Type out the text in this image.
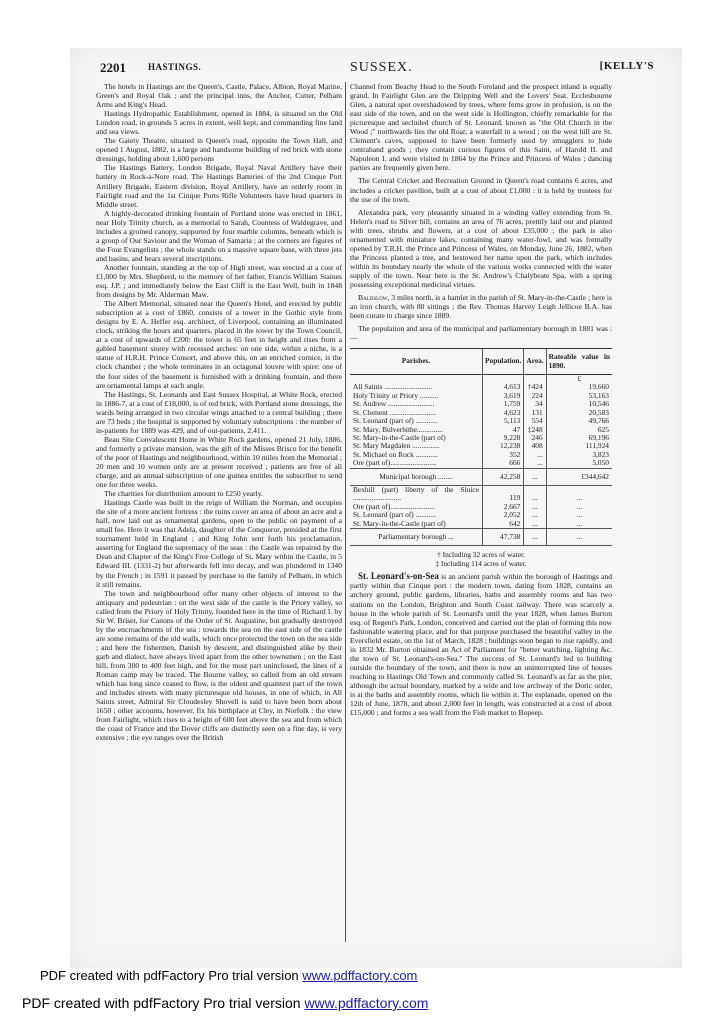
2201 HASTINGS.	SUSSEX.	[KELLY'S

The hotels in Hastings are the Queen's, Castle, Palace, Albion, Royal Marine, Green's and Royal Oak ; and the principal inns, the Anchor, Cutter, Pelham Arms and King's Head.

Hastings Hydropathic Establishment, opened in 1884, is situated on the Old London road, in grounds 5 acres in extent, well kept, and commanding fine land and sea views.

The Gaiety Theatre, situated in Queen's road, opposite the Town Hall, and opened 1 August, 1882, is a large and handsome building of red brick with stone dressings, holding about 1,600 persons

The Hastings Battery, London Brigade, Royal Naval Artillery have their battery in Rock-a-Nore road. The Hastings Batteries of the 2nd Cinque Port Artillery Brigade, Eastern division, Royal Artillery, have an orderly room in Fairlight road and the 1st Cinque Ports Rifle Volunteers have head quarters in Middle street.

A highly-decorated drinking fountain of Portland stone was erected in 1861, near Holy Trinity church, as a memorial to Sarah, Countess of Waldegrave, and includes a groined canopy, supported by four marble columns, beneath which is a group of Our Saviour and the Woman of Samaria ; at the corners are figures of the Four Evangelists ; the whole stands on a massive square base, with three jets and basins, and bears several inscriptions.

Another fountain, standing at the top of High street, was erected at a cost of £1,000 by Mrs. Shepherd, to the memory of her father, Francis William Staines esq. J.P. ; and immediately below the East Cliff is the East Well, built in 1848 from designs by Mr. Alderman Maw.

The Albert Memorial, situated near the Queen's Hotel, and erected by public subscription at a cost of £860, consists of a tower in the Gothic style from designs by E. A. Heffer esq. architect, of Liverpool, containing an illuminated clock, striking the hours and quarters, placed in the tower by the Town Council, at a cost of upwards of £200: the tower is 65 feet in height and rises from a gabled basement storey with recessed arches: on one side, within a niche, is a statue of H.R.H. Prince Consort, and above this, on an enriched cornice, is the clock chamber ; the whole terminates in an octagonal louvre with spire: one of the four sides of the basement is furnished with a drinking fountain, and there are ornamental lamps at each angle.

The Hastings, St. Leonards and East Sussex Hospital, at White Rock, erected in 1886-7, at a cost of £18,000, is of red brick, with Portland stone dressings, the wards being arranged in two circular wings attached to a central building ; there are 73 beds ; the hospital is supported by voluntary subscriptions : the number of in-patients for 1889 was 429, and of out-patients, 2,411.

Beau Site Convalescent Home in White Rock gardens, opened 21 July, 1886, and formerly a private mansion, was the gift of the Misses Brisco for the benefit of the poor of Hastings and neighbourhood, within 10 miles from the Memorial ; 20 men and 10 women only are at present received ; patients are free of all charge, and an annual subscription of one guinea entitles the subscriber to send one for three weeks.

The charities for distribution amount to £250 yearly.

Hastings Castle was built in the reign of William the Norman, and occupies the site of a more ancient fortress : the ruins cover an area of about an acre and a half, now laid out as ornamental gardens, open to the public on payment of a small fee. Here it was that Adela, daughter of the Conqueror, presided at the first tournament held in England ; and King John sent forth his proclamation, asserting for England the supremacy of the seas : the Castle was repaired by the Dean and Chapter of the King's Free College of St. Mary within the Castle, in 5 Edward III. (1331-2) but afterwards fell into decay, and was plundered in 1340 by the French ; in 1591 it passed by purchase to the family of Pelham, in which it still remains.

The town and neighbourhood offer many other objects of interest to the antiquary and pedestrian : on the west side of the castle is the Priory valley, so called from the Priory of Holy Trinity, founded here in the time of Richard I. by Sir W. Briset, for Canons of the Order of St. Augustine, but gradually destroyed by the encroachments of the sea : towards the sea on the east side of the castle are some remains of the old walls, which once protected the town on the sea side ; and here the fishermen, Danish by descent, and distinguished alike by their garb and dialect, have always lived apart from the other townsmen ; on the East hill, from 300 to 400 feet high, and for the most part uninclosed, the lines of a Roman camp may be traced. The Bourne valley, so called from an old stream which has long since ceased to flow, is the oldest and quaintest part of the town and includes streets with many picturesque old houses, in one of which, in All Saints street, Admiral Sir Cloudesley Shovell is said to have been born about 1650 ; other accounts, however, fix his birthplace at Cley, in Norfolk : the view from Fairlight, which rises to a height of 600 feet above the sea and from which the coast of France and the Dover cliffs are distinctly seen on a fine day, is very extensive ; the eye ranges over the British

Channel from Beachy Head to the South Foreland and the prospect inland is equally grand. In Fairlight Glen are the Dripping Well and the Lovers' Seat. Ecclesbourne Glen, a natural spot overshadowed by trees, where ferns grow in profusion, is on the east side of the town, and on the west side is Hollington, chiefly remarkable for the picturesque and secluded church of St. Leonard, known as "the Old Church in the Wood ;" northwards lies the old Roar, a waterfall in a wood ; on the west hill are St. Clement's caves, supposed to have been formerly used by smugglers to hide contraband goods ; they contain curious figures of this Saint, of Harold II. and Napoleon I. and were visited in 1864 by the Prince and Princess of Wales ; dancing parties are frequently given here.

The Central Cricket and Recreation Ground in Queen's road contains 6 acres, and includes a cricket pavilion, built at a cost of about £1,000 : it is held by trustees for the use of the town.

Alexandra park, very pleasantly situated in a winding valley extending from St. Helen's road to Silver hill, contains an area of 76 acres, prettily laid out and planted with trees, shrubs and flowers, at a cost of about £35,000 ; the park is also ornamented with miniature lakes, containing many water-fowl, and was formally opened by T.R.H. the Prince and Princess of Wales, on Monday, June 26, 1882, when the Princess planted a tree, and bestowed her name upon the park, which includes within its boundary nearly the whole of the various works connected with the water supply of the town. Near here is the St. Andrew's Chalybeate Spa, with a spring possessing exceptional medicinal virtues.

Baldslow, 3 miles north, is a hamlet in the parish of St. Mary-in-the-Castle ; here is an iron church, with 80 sittings ; the Rev. Thomas Harvey Leigh Jellicoe B.A. has been curate in charge since 1889.

The population and area of the municipal and parliamentary borough in 1881 was :—

Parishes.	Population.	Area.	Rateable value in 1890.
			£
All Saints ..........................	4,613	†424	19,660
Holy Trinity or Priory ..........	3,619	224	53,163
St. Andrew .........................	1,759	34	10,546
St. Clement .........................	4,623	131	20,583
St. Leonard (part of) ............	5,113	554	49,766
St. Mary, Bulverhithe..............	47	‡248	625
St. Mary-in-the-Castle (part of)	9,228	246	69,196
St. Mary Magdalen ...............	12,238	408	111,924
St. Michael on Rock ............	352	...	3,823
Ore (part of).........................	666	...	5,050
Municipal borough ........	42,258	...	£344,642
Bexhill (part) liberty of the Sluice ..........................	119	...	...
Ore (part of)........................	2,667	...	...
St. Leonard (part of) ...........	2,052	...	...
St. Mary-in-the-Castle (part of)	642	...	...
Parliamentary borough ...	47,738	...	...
† Including 32 acres of water.
‡ Including 114 acres of water.

St. Leonard's-on-Sea is an ancient parish within the borough of Hastings and partly within that Cinque port : the modern town, dating from 1828, contains an archery ground, public gardens, libraries, baths and assembly rooms and has two stations on the London, Brighton and South Coast railway. There was scarcely a house in the whole parish of St. Leonard's until the year 1828, when James Burton esq. of Regent's Park, London, conceived and carried out the plan of forming this now fashionable watering place, and for that purpose purchased the beautiful valley in the Eversfield estate, on the 1st of March, 1828 ; buildings soon began to rise rapidly, and in 1832 Mr. Burton obtained an Act of Parliament for "better watching, lighting &c. the town of St. Leonard's-on-Sea." The success of St. Leonard's led to building outside the boundary of the town, and there is now an uninterrupted line of houses reaching to Hastings Old Town and commonly called St. Leonard's as far as the pier, although the actual boundary, marked by a wide and low archway of the Doric order, is at the baths and assembly rooms, which lie within it. The esplanade, opened on the 12th of June, 1878, and about 2,000 feet in length, was constructed at a cost of about £15,000 ; and forms a sea wall from the Fish market to Bopeep.

PDF created with pdfFactory Pro trial version www.pdffactory.com
PDF created with pdfFactory Pro trial version www.pdffactory.com
